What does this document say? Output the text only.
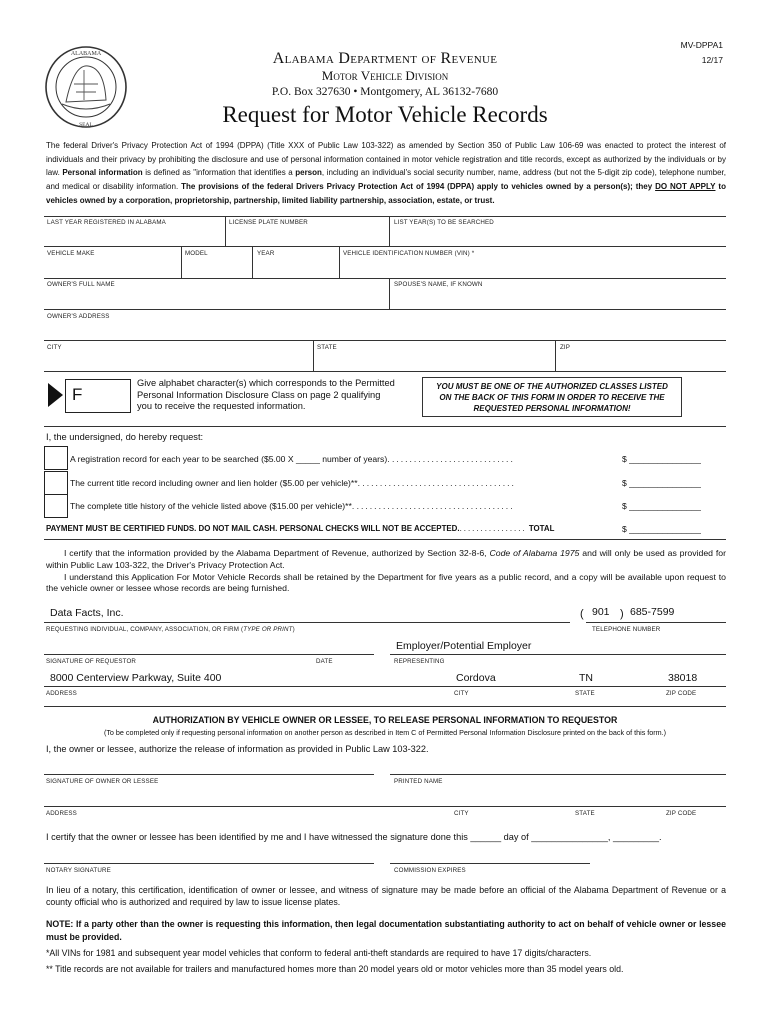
ALABAMA
SEAL
MV-DPPA1
12/17
Alabama Department of Revenue
Motor Vehicle Division
P.O. Box 327630 • Montgomery, AL 36132-7680
Request for Motor Vehicle Records
The federal Driver's Privacy Protection Act of 1994 (DPPA) (Title XXX of Public Law 103-322) as amended by Section 350 of Public Law 106-69 was enacted to protect the interest of individuals and their privacy by prohibiting the disclosure and use of personal information contained in motor vehicle registration and title records, except as authorized by the individuals or by law. Personal information is defined as "information that identifies a person, including an individual's social security number, name, address (but not the 5-digit zip code), telephone number, and medical or disability information. The provisions of the federal Drivers Privacy Protection Act of 1994 (DPPA) apply to vehicles owned by a person(s); they DO NOT APPLY to vehicles owned by a corporation, proprietorship, partnership, limited liability partnership, association, estate, or trust.
LAST YEAR REGISTERED IN ALABAMA	LICENSE PLATE NUMBER	LIST YEAR(S) TO BE SEARCHED
VEHICLE MAKE	MODEL	YEAR	VEHICLE IDENTIFICATION NUMBER (VIN) *
OWNER'S FULL NAME	SPOUSE'S NAME, IF KNOWN
OWNER'S ADDRESS
CITY	STATE	ZIP
F
Give alphabet character(s) which corresponds to the Permitted Personal Information Disclosure Class on page 2 qualifying you to receive the requested information.
YOU MUST BE ONE OF THE AUTHORIZED CLASSES LISTED ON THE BACK OF THIS FORM IN ORDER TO RECEIVE THE REQUESTED PERSONAL INFORMATION!
I, the undersigned, do hereby request:
A registration record for each year to be searched ($5.00 X _____ number of years). ............................	$ _______________
The current title record including owner and lien holder ($5.00 per vehicle)**. ...................................	$ _______________
The complete title history of the vehicle listed above ($15.00 per vehicle)**. ....................................	$ _______________
PAYMENT MUST BE CERTIFIED FUNDS. DO NOT MAIL CASH. PERSONAL CHECKS WILL NOT BE ACCEPTED................. TOTAL	$ _______________
I certify that the information provided by the Alabama Department of Revenue, authorized by Section 32-8-6, Code of Alabama 1975 and will only be used as provided for within Public Law 103-322, the Driver's Privacy Protection Act.
I understand this Application For Motor Vehicle Records shall be retained by the Department for five years as a public record, and a copy will be available upon request to the vehicle owner or lessee whose records are being furnished.
Data Facts, Inc.	( 901 ) 685-7599
REQUESTING INDIVIDUAL, COMPANY, ASSOCIATION, OR FIRM (TYPE OR PRINT)	TELEPHONE NUMBER
Employer/Potential Employer
SIGNATURE OF REQUESTOR	DATE	REPRESENTING
8000 Centerview Parkway, Suite 400	Cordova	TN	38018
ADDRESS	CITY	STATE	ZIP CODE
AUTHORIZATION BY VEHICLE OWNER OR LESSEE, TO RELEASE PERSONAL INFORMATION TO REQUESTOR
(To be completed only if requesting personal information on another person as described in Item C of Permitted Personal Information Disclosure printed on the back of this form.)
I, the owner or lessee, authorize the release of information as provided in Public Law 103-322.
SIGNATURE OF OWNER OR LESSEE	PRINTED NAME
ADDRESS	CITY	STATE	ZIP CODE
I certify that the owner or lessee has been identified by me and I have witnessed the signature done this ______ day of _______________, _________.
NOTARY SIGNATURE	COMMISSION EXPIRES
In lieu of a notary, this certification, identification of owner or lessee, and witness of signature may be made before an official of the Alabama Department of Revenue or a county official who is authorized and required by law to issue license plates.
NOTE: If a party other than the owner is requesting this information, then legal documentation substantiating authority to act on behalf of vehicle owner or lessee must be provided.
*All VINs for 1981 and subsequent year model vehicles that conform to federal anti-theft standards are required to have 17 digits/characters.
** Title records are not available for trailers and manufactured homes more than 20 model years old or motor vehicles more than 35 model years old.
